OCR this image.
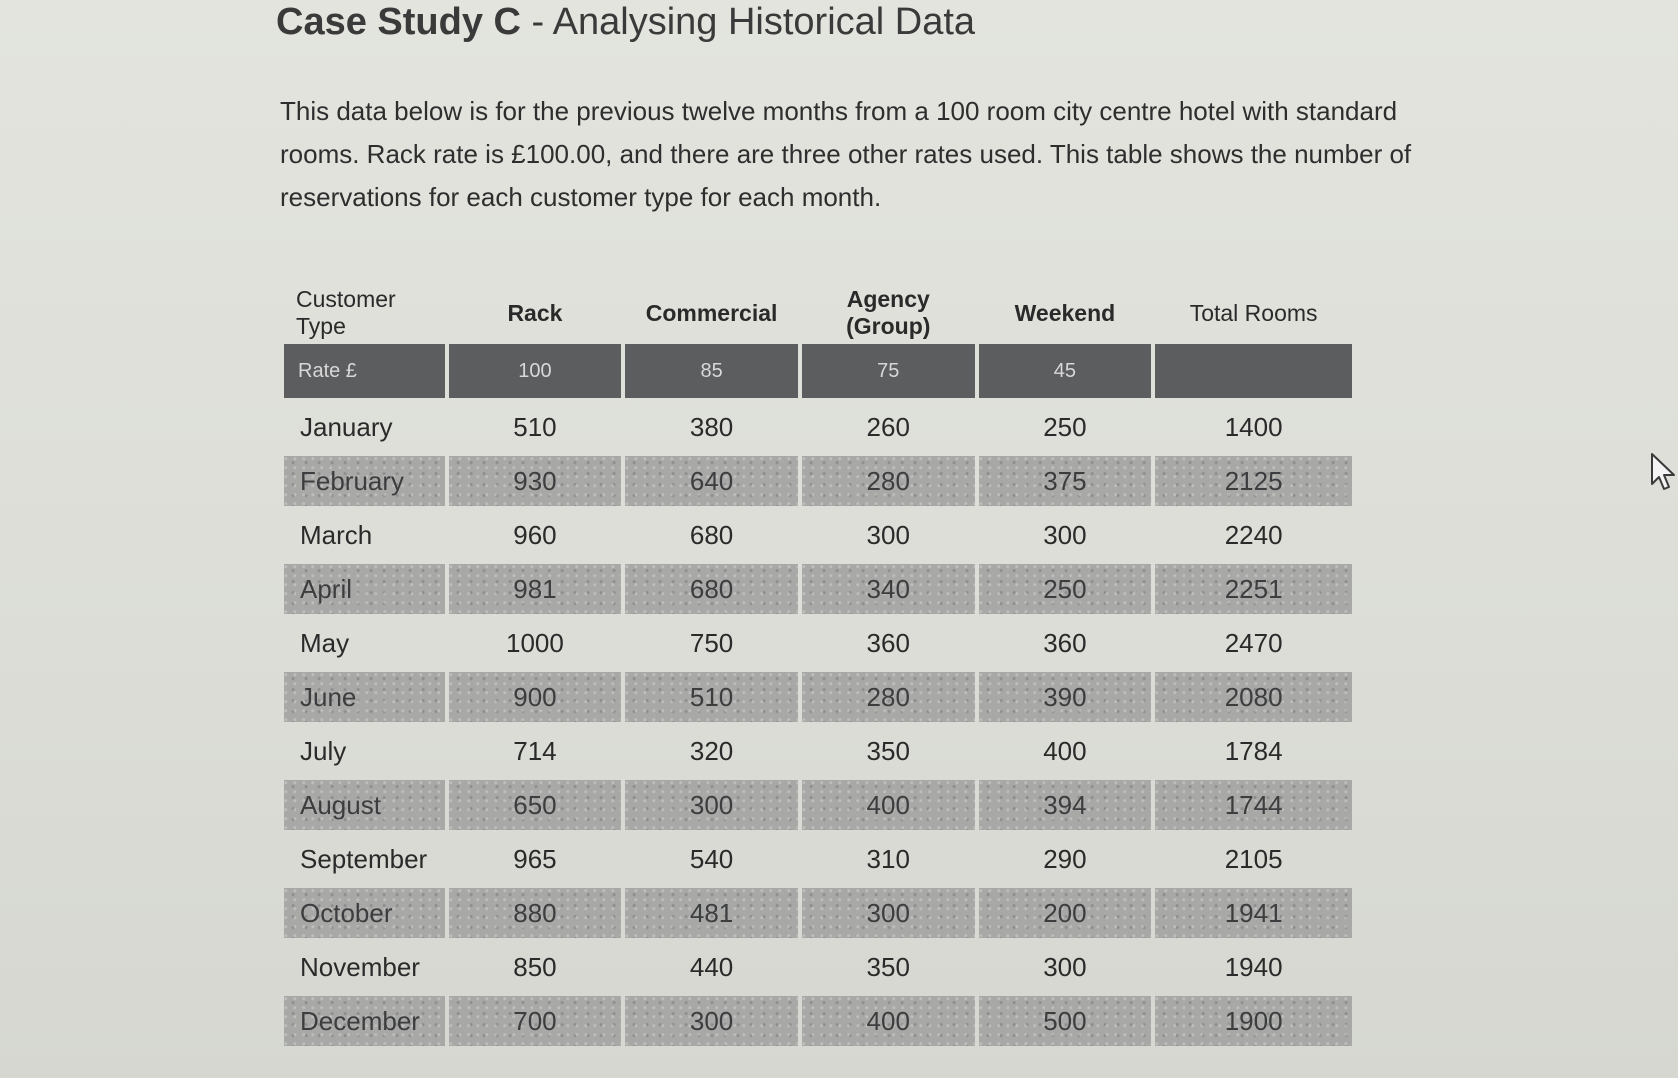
Case Study C - Analysing Historical Data
This data below is for the previous twelve months from a 100 room city centre hotel with standard rooms. Rack rate is £100.00, and there are three other rates used. This table shows the number of reservations for each customer type for each month.
Customer Type	Rack	Commercial	Agency (Group)	Weekend	Total Rooms
Rate £	100	85	75	45	
January	510	380	260	250	1400
February	930	640	280	375	2125
March	960	680	300	300	2240
April	981	680	340	250	2251
May	1000	750	360	360	2470
June	900	510	280	390	2080
July	714	320	350	400	1784
August	650	300	400	394	1744
September	965	540	310	290	2105
October	880	481	300	200	1941
November	850	440	350	300	1940
December	700	300	400	500	1900
